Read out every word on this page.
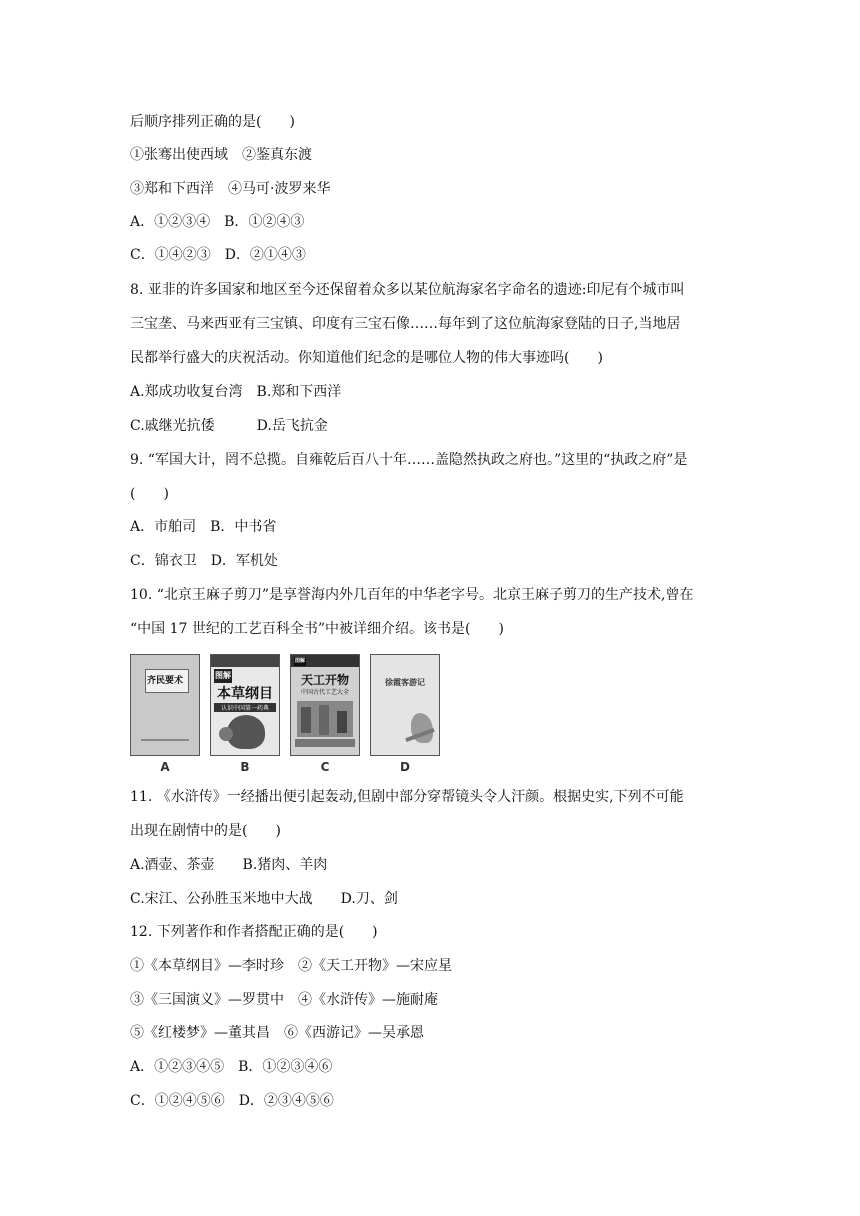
后顺序排列正确的是(　　)
①张骞出使西域　②鉴真东渡
③郑和下西洋　④马可·波罗来华
A．①②③④　B．①②④③
C．①④②③　D．②①④③
8. 亚非的许多国家和地区至今还保留着众多以某位航海家名字命名的遗迹:印尼有个城市叫
三宝垄、马来西亚有三宝镇、印度有三宝石像……每年到了这位航海家登陆的日子,当地居
民都举行盛大的庆祝活动。你知道他们纪念的是哪位人物的伟大事迹吗(　　)
A.郑成功收复台湾　B.郑和下西洋
C.戚继光抗倭　　　D.岳飞抗金
9. “军国大计，罔不总揽。自雍乾后百八十年……盖隐然执政之府也。”这里的“执政之府”是
(　　)
A．市舶司　B．中书省
C．锦衣卫　D．军机处
10. “北京王麻子剪刀”是享誉海内外几百年的中华老字号。北京王麻子剪刀的生产技术,曾在
“中国 17 世纪的工艺百科全书”中被详细介绍。该书是(　　)
齐民要术
A
图解
本草纲目
认识中国第一药典
B
图解
天工开物
中国古代工艺大全
C
徐霞客游记
D
11. 《水浒传》一经播出便引起轰动,但剧中部分穿帮镜头令人汗颜。根据史实,下列不可能
出现在剧情中的是(　　)
A.酒壶、茶壶　　B.猪肉、羊肉
C.宋江、公孙胜玉米地中大战　　D.刀、剑
12. 下列著作和作者搭配正确的是(　　)
①《本草纲目》—李时珍　②《天工开物》—宋应星
③《三国演义》—罗贯中　④《水浒传》—施耐庵
⑤《红楼梦》—董其昌　⑥《西游记》—吴承恩
A．①②③④⑤　B．①②③④⑥
C．①②④⑤⑥　D．②③④⑤⑥
